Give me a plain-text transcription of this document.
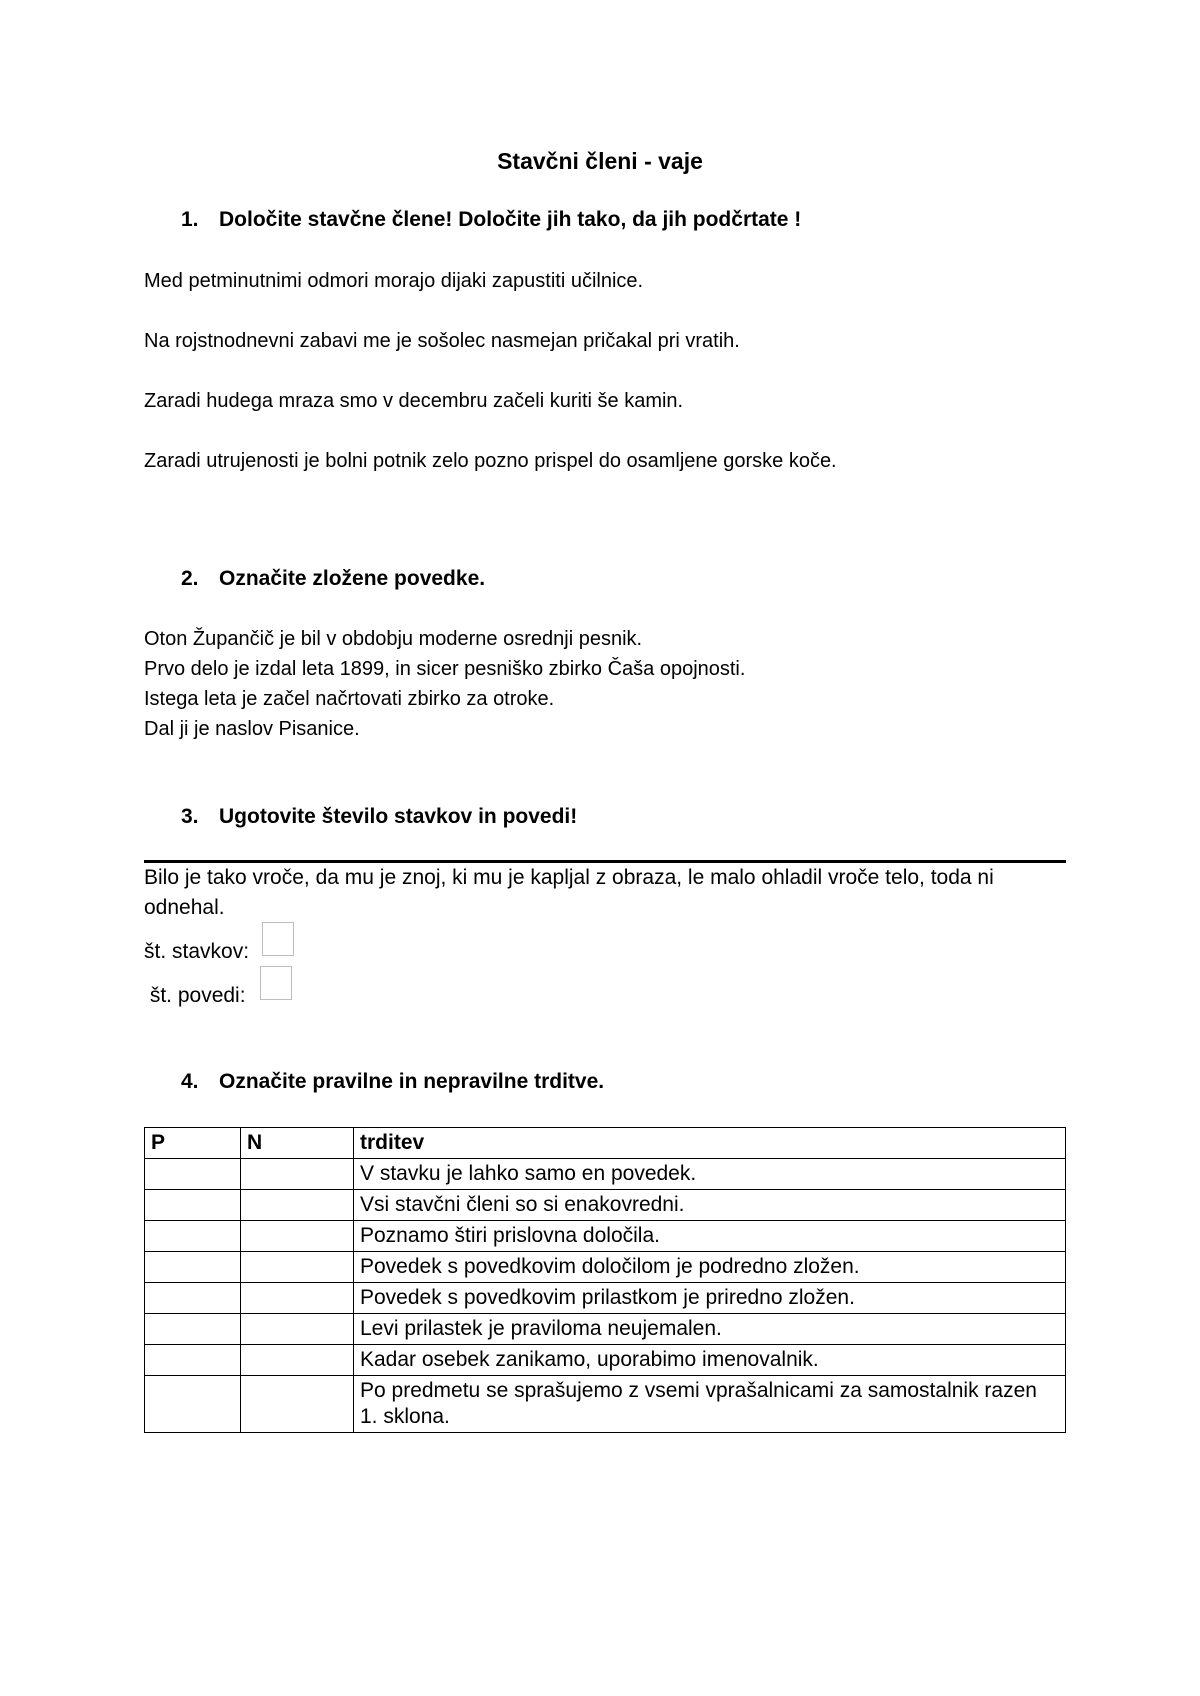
Stavčni členi - vaje
1. Določite stavčne člene! Določite jih tako, da jih podčrtate !
Med petminutnimi odmori morajo dijaki zapustiti učilnice.
Na rojstnodnevni zabavi me je sošolec nasmejan pričakal pri vratih.
Zaradi hudega mraza smo v decembru začeli kuriti še kamin.
Zaradi utrujenosti je bolni potnik zelo pozno prispel do osamljene gorske koče.
2. Označite zložene povedke.
Oton Župančič je bil v obdobju moderne osrednji pesnik.
Prvo delo je izdal leta 1899, in sicer pesniško zbirko Čaša opojnosti.
Istega leta je začel načrtovati zbirko za otroke.
Dal ji je naslov Pisanice.
3. Ugotovite število stavkov in povedi!
Bilo je tako vroče, da mu je znoj, ki mu je kapljal z obraza, le malo ohladil vroče telo, toda ni
odnehal.
št. stavkov:
št. povedi:
4. Označite pravilne in nepravilne trditve.
P	N	trditev
		V stavku je lahko samo en povedek.
		Vsi stavčni členi so si enakovredni.
		Poznamo štiri prislovna določila.
		Povedek s povedkovim določilom je podredno zložen.
		Povedek s povedkovim prilastkom je priredno zložen.
		Levi prilastek je praviloma neujemalen.
		Kadar osebek zanikamo, uporabimo imenovalnik.
		Po predmetu se sprašujemo z vsemi vprašalnicami za samostalnik razen 1. sklona.
